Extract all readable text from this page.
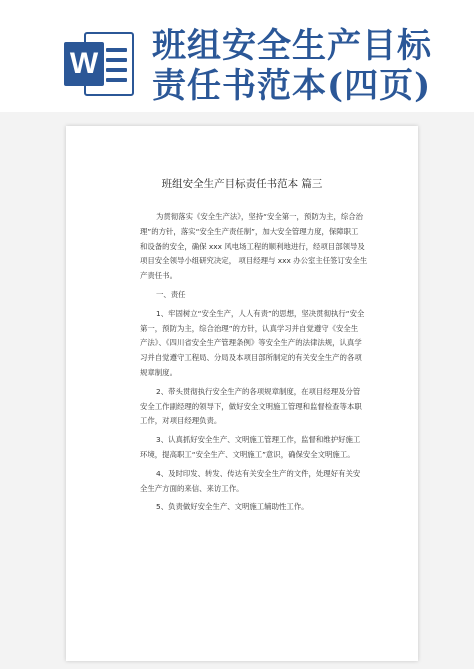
W 班组安全生产目标
责任书范本(四页)
班组安全生产目标责任书范本 篇三

为贯彻落实《安全生产法》，坚持“安全第一，预防为主，综合治

理”的方针，落实“安全生产责任制”，加大安全管理力度，保障职工

和设备的安全，确保 xxx 风电场工程的顺利地进行，经项目部领导及

项目安全领导小组研究决定， 项目经理与 xxx 办公室主任签订安全生

产责任书。

一、责任

1、牢固树立“安全生产，人人有责”的思想，坚决贯彻执行“安全

第一，预防为主，综合治理”的方针，认真学习并自觉遵守《安全生

产法》、《四川省安全生产管理条例》等安全生产的法律法规，认真学

习并自觉遵守工程局、分局及本项目部所制定的有关安全生产的各项

规章制度。

2、带头贯彻执行安全生产的各项规章制度，在项目经理及分管

安全工作副经理的领导下，做好安全文明施工管理和监督检查等本职

工作，对项目经理负责。

3、认真抓好安全生产、文明施工管理工作，监督和维护好施工

环境，提高职工“安全生产、文明施工”意识，确保安全文明施工。

4、及时印发、转发、传达有关安全生产的文件，处理好有关安

全生产方面的来信、来访工作。

5、负责做好安全生产、文明施工辅助性工作。
